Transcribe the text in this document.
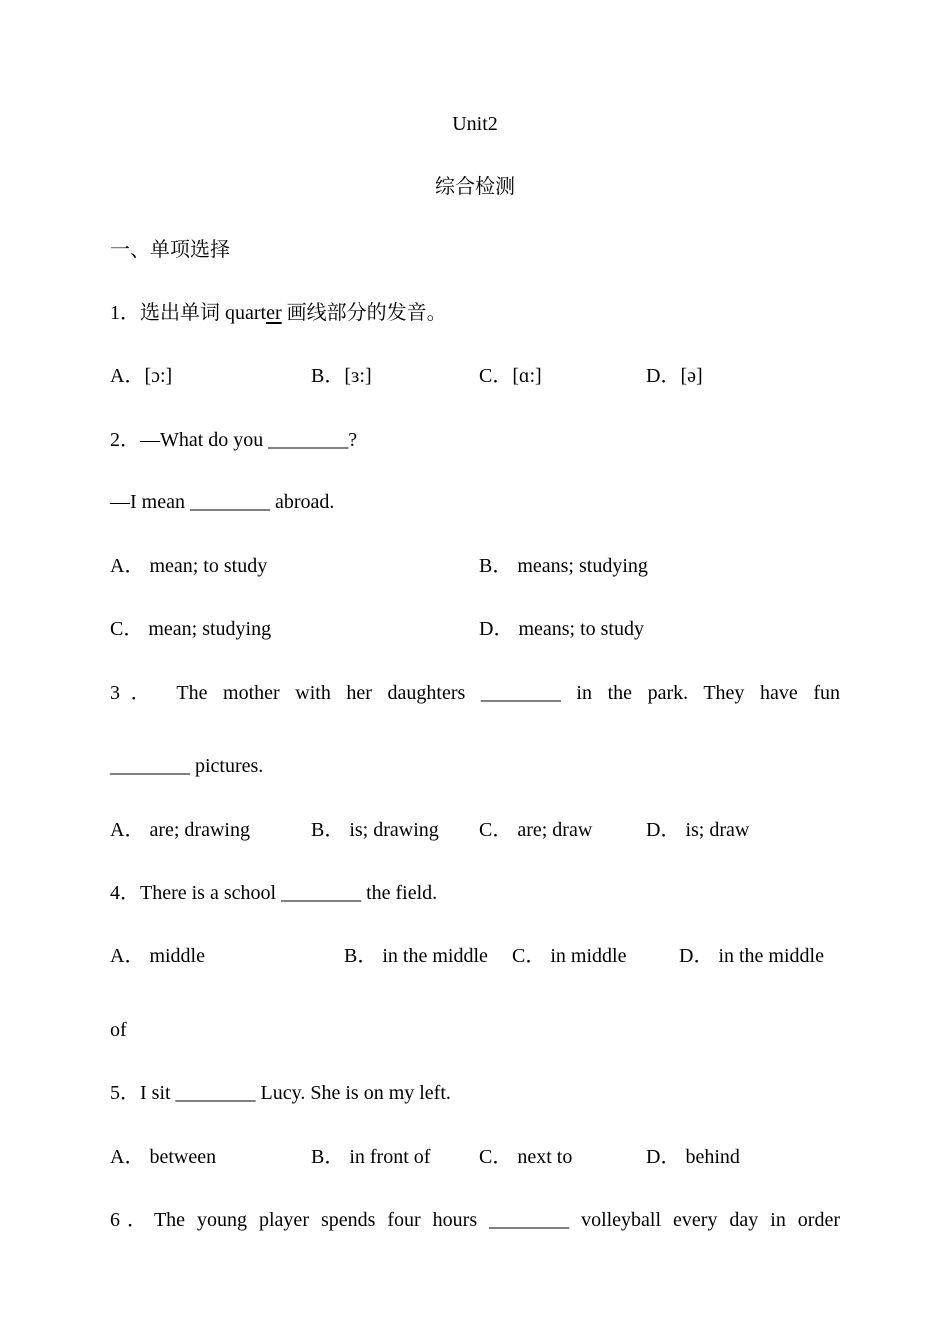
Unit2
综合检测
一、单项选择
1．选出单词 quarter 画线部分的发音。
A．[ɔ:]	B．[ɜ:]	C．[ɑ:]	D．[ə]
2．—What do you ________?
—I mean ________ abroad.
A． mean; to study	B． means; studying
C． mean; studying	D． means; to study
3． The mother with her daughters ________ in the park. They have fun
________ pictures.
A． are; drawing	B． is; drawing C． are; draw	D． is; draw
4．There is a school ________ the field.
A． middle	B． in the middle C． in middle	D． in the middle
of
5．I sit ________ Lucy. She is on my left.
A． between	B． in front of C． next to	D． behind
6．The young player spends four hours ________ volleyball every day in order
